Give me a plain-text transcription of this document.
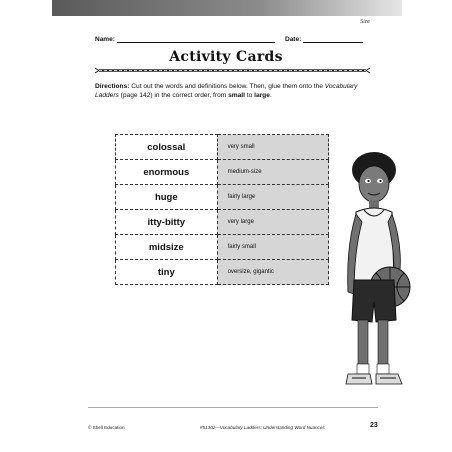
Size
Name:	Date:
Activity Cards
Directions: Cut out the words and definitions below. Then, glue them onto the Vocabulary Ladders (page 142) in the correct order, from small to large.
colossal	very small
enormous	medium-size
huge	fairly large
itty-bitty	very large
midsize	fairly small
tiny	oversize, gigantic
© Shell Education	#51302—Vocabulary Ladders: Understanding Word Nuances	23
